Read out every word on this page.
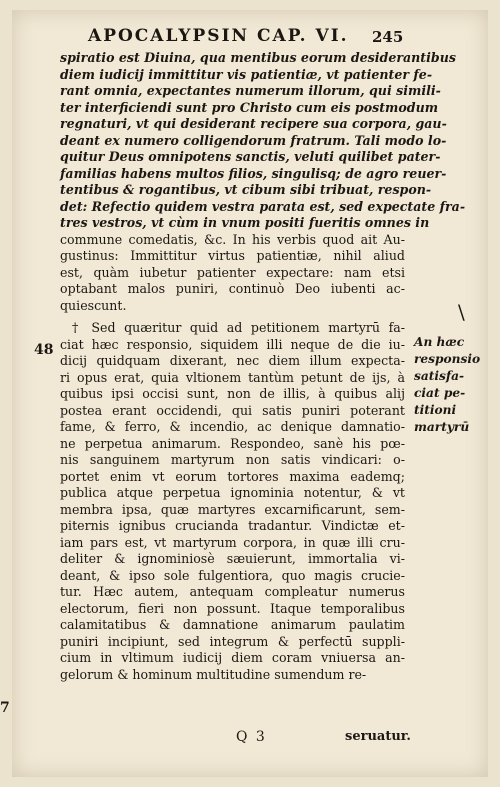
APOCALYPSIN CAP. VI. 245
spiratio est Diuina, qua mentibus eorum desiderantibus
diem iudicij immittitur vis patientiæ, vt patienter fe-
rant omnia, expectantes numerum illorum, qui simili-
ter interficiendi sunt pro Christo cum eis postmodum
regnaturi, vt qui desiderant recipere sua corpora, gau-
deant ex numero colligendorum fratrum. Tali modo lo-
quitur Deus omnipotens sanctis, veluti quilibet pater-
familias habens multos filios, singulisq; de agro reuer-
tentibus & rogantibus, vt cibum sibi tribuat, respon-
det: Refectio quidem vestra parata est, sed expectate fra-
tres vestros, vt cùm in vnum positi fueritis omnes in
commune comedatis, &c. In his verbis quod ait Au-
gustinus: Immittitur virtus patientiæ, nihil aliud
est, quàm iubetur patienter expectare: nam etsi
optabant malos puniri, continuò Deo iubenti ac-
quiescunt.
† Sed quæritur quid ad petitionem martyrū fa-
ciat hæc responsio, siquidem illi neque de die iu-
dicij quidquam dixerant, nec diem illum expecta-
ri opus erat, quia vltionem tantùm petunt de ijs, à
quibus ipsi occisi sunt, non de illis, à quibus alij
postea erant occidendi, qui satis puniri poterant
fame, & ferro, & incendio, ac denique damnatio-
ne perpetua animarum. Respondeo, sanè his pœ-
nis sanguinem martyrum non satis vindicari: o-
portet enim vt eorum tortores maxima eademq;
publica atque perpetua ignominia notentur, & vt
membra ipsa, quæ martyres excarnificarunt, sem-
piternis ignibus crucianda tradantur. Vindictæ et-
iam pars est, vt martyrum corpora, in quæ illi cru-
deliter & ignominiosè sæuierunt, immortalia vi-
deant, & ipso sole fulgentiora, quo magis crucie-
tur. Hæc autem, antequam compleatur numerus
electorum, fieri non possunt. Itaque temporalibus
calamitatibus & damnatione animarum paulatim
puniri incipiunt, sed integrum & perfectū suppli-
cium in vltimum iudicij diem coram vniuersa an-
gelorum & hominum multitudine sumendum re-
48
7
\
An hæc
responsio
satisfa-
ciat pe-
titioni
martyrū
Q 3	seruatur.
